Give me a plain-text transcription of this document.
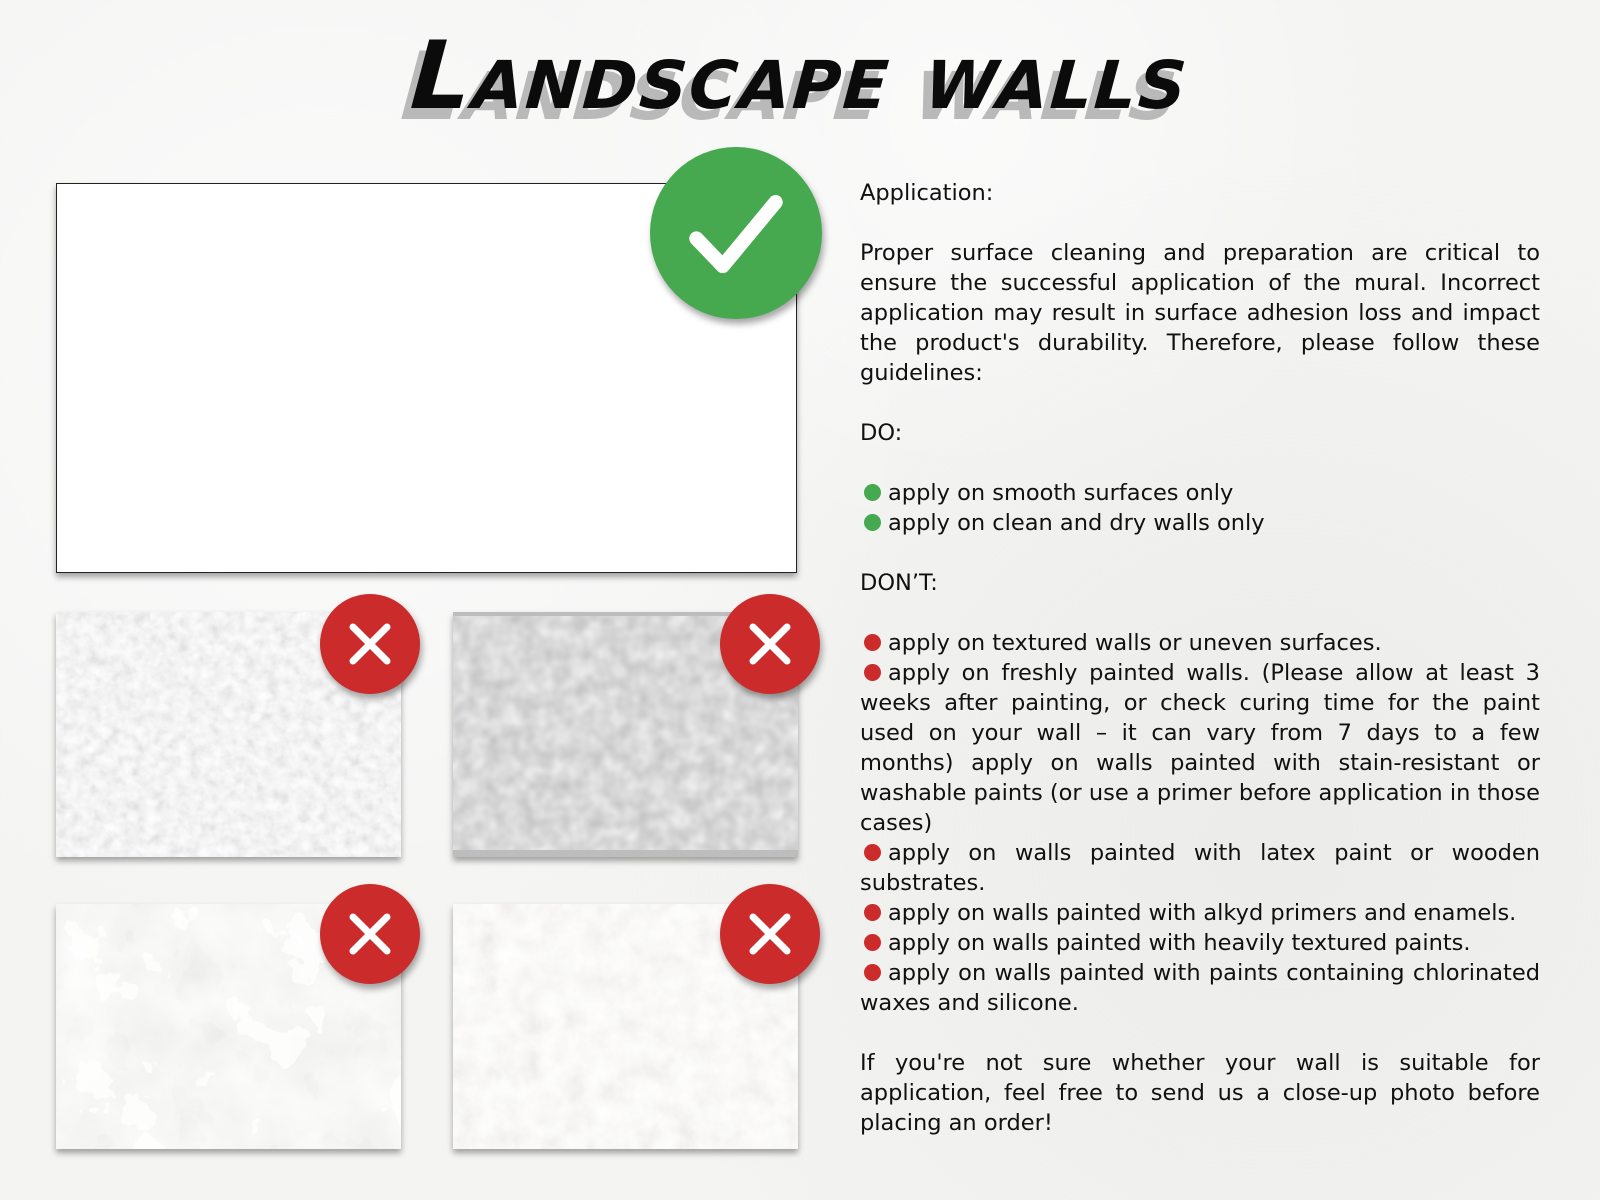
Landscape walls

Application:

Proper surface cleaning and preparation are critical to ensure the successful application of the mural. Incorrect application may result in surface adhesion loss and impact the product's durability. Therefore, please follow these guidelines:

DO:

apply on smooth surfaces only

apply on clean and dry walls only

DON’T:

apply on textured walls or uneven surfaces.

apply on freshly painted walls. (Please allow at least 3 weeks after painting, or check curing time for the paint used on your wall – it can vary from 7 days to a few months) apply on walls painted with stain-resistant or washable paints (or use a primer before application in those cases)

apply on walls painted with latex paint or wooden substrates.

apply on walls painted with alkyd primers and enamels.

apply on walls painted with heavily textured paints.

apply on walls painted with paints containing chlorinated waxes and silicone.

If you're not sure whether your wall is suitable for application, feel free to send us a close-up photo before placing an order!
